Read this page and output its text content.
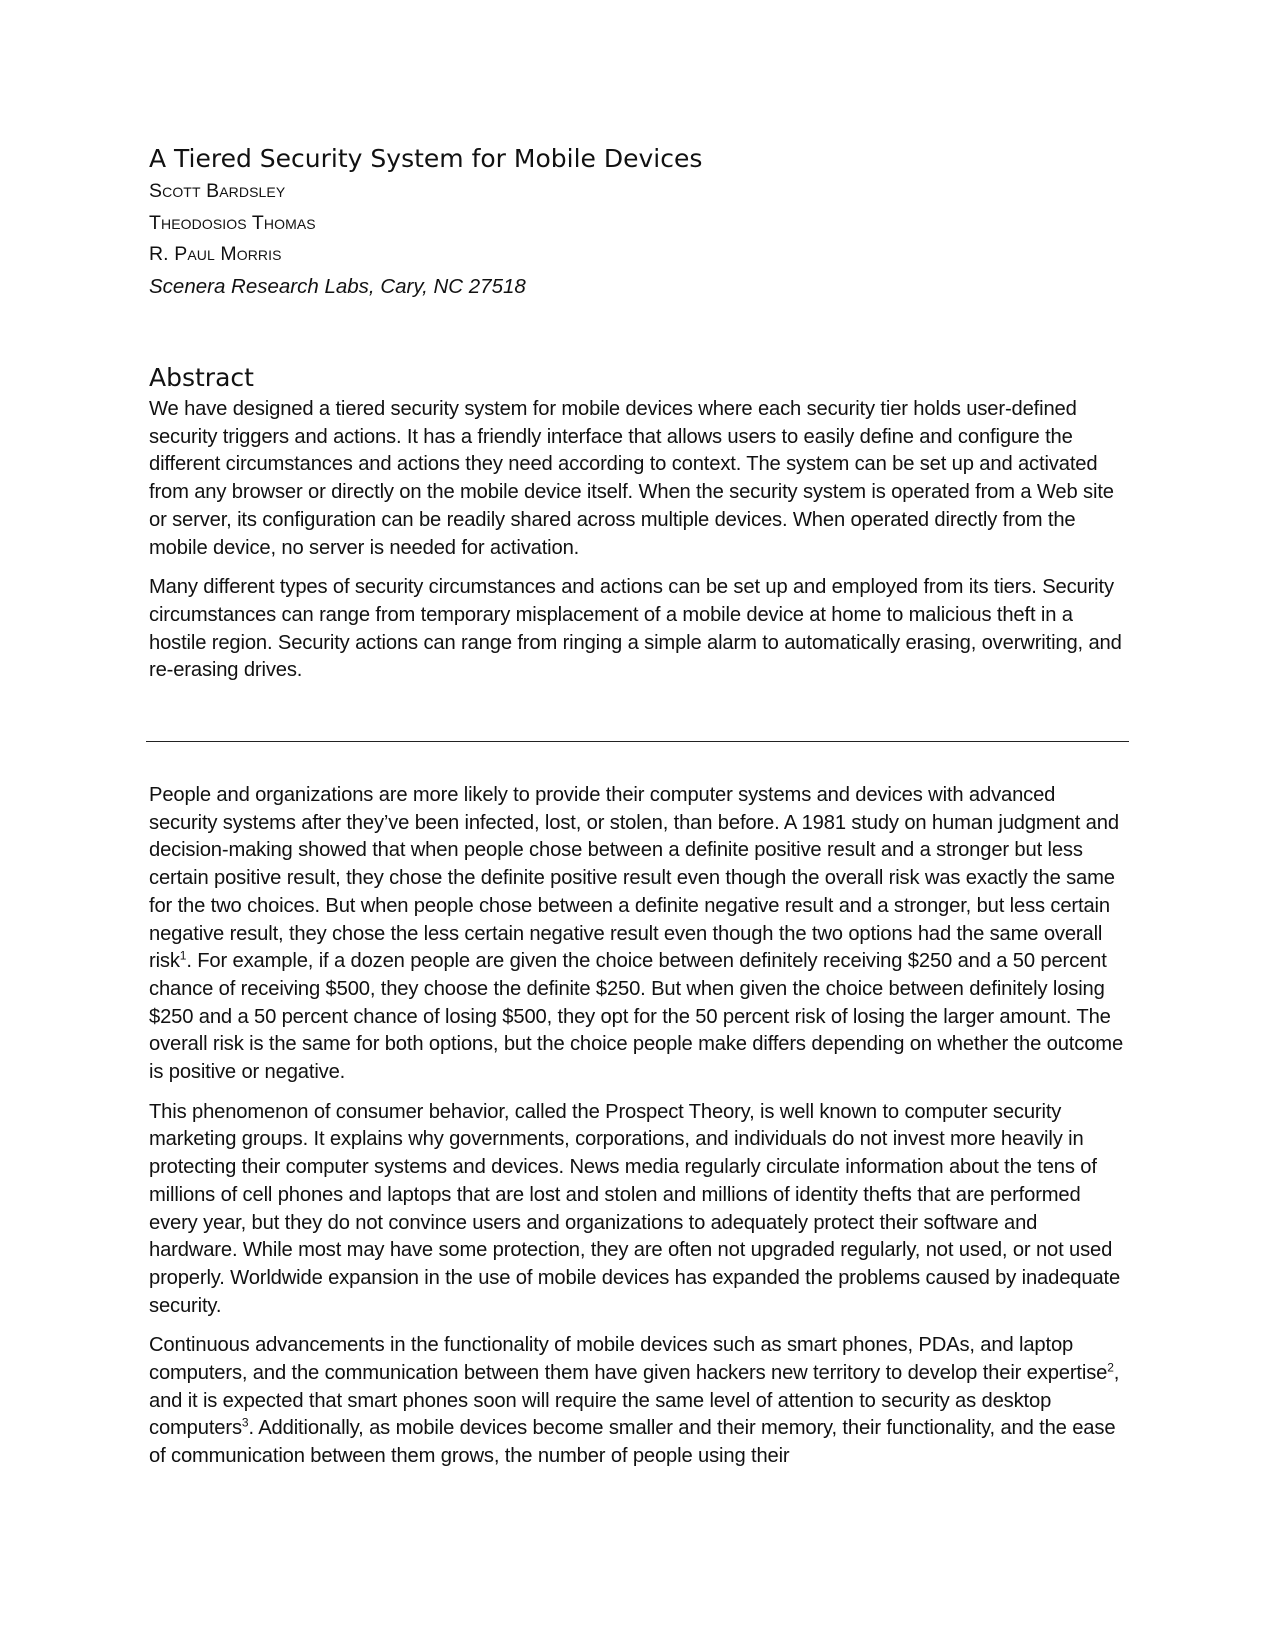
A Tiered Security System for Mobile Devices

Scott Bardsley

Theodosios Thomas

R. Paul Morris

Scenera Research Labs, Cary, NC 27518

Abstract

We have designed a tiered security system for mobile devices where each security tier holds user-defined security triggers and actions. It has a friendly interface that allows users to easily define and configure the different circumstances and actions they need according to context. The system can be set up and activated from any browser or directly on the mobile device itself. When the security system is operated from a Web site or server, its configuration can be readily shared across multiple devices. When operated directly from the mobile device, no server is needed for activation.

Many different types of security circumstances and actions can be set up and employed from its tiers. Security circumstances can range from temporary misplacement of a mobile device at home to malicious theft in a hostile region. Security actions can range from ringing a simple alarm to automatically erasing, overwriting, and re-erasing drives.

People and organizations are more likely to provide their computer systems and devices with advanced security systems after they’ve been infected, lost, or stolen, than before. A 1981 study on human judgment and decision-making showed that when people chose between a definite positive result and a stronger but less certain positive result, they chose the definite positive result even though the overall risk was exactly the same for the two choices. But when people chose between a definite negative result and a stronger, but less certain negative result, they chose the less certain negative result even though the two options had the same overall risk$^1$. For example, if a dozen people are given the choice between definitely receiving $250 and a 50 percent chance of receiving $500, they choose the definite $250. But when given the choice between definitely losing $250 and a 50 percent chance of losing $500, they opt for the 50 percent risk of losing the larger amount. The overall risk is the same for both options, but the choice people make differs depending on whether the outcome is positive or negative.

This phenomenon of consumer behavior, called the Prospect Theory, is well known to computer security marketing groups. It explains why governments, corporations, and individuals do not invest more heavily in protecting their computer systems and devices. News media regularly circulate information about the tens of millions of cell phones and laptops that are lost and stolen and millions of identity thefts that are performed every year, but they do not convince users and organizations to adequately protect their software and hardware. While most may have some protection, they are often not upgraded regularly, not used, or not used properly. Worldwide expansion in the use of mobile devices has expanded the problems caused by inadequate security.

Continuous advancements in the functionality of mobile devices such as smart phones, PDAs, and laptop computers, and the communication between them have given hackers new territory to develop their expertise$^2$, and it is expected that smart phones soon will require the same level of attention to security as desktop computers$^3$. Additionally, as mobile devices become smaller and their memory, their functionality, and the ease of communication between them grows, the number of people using their
